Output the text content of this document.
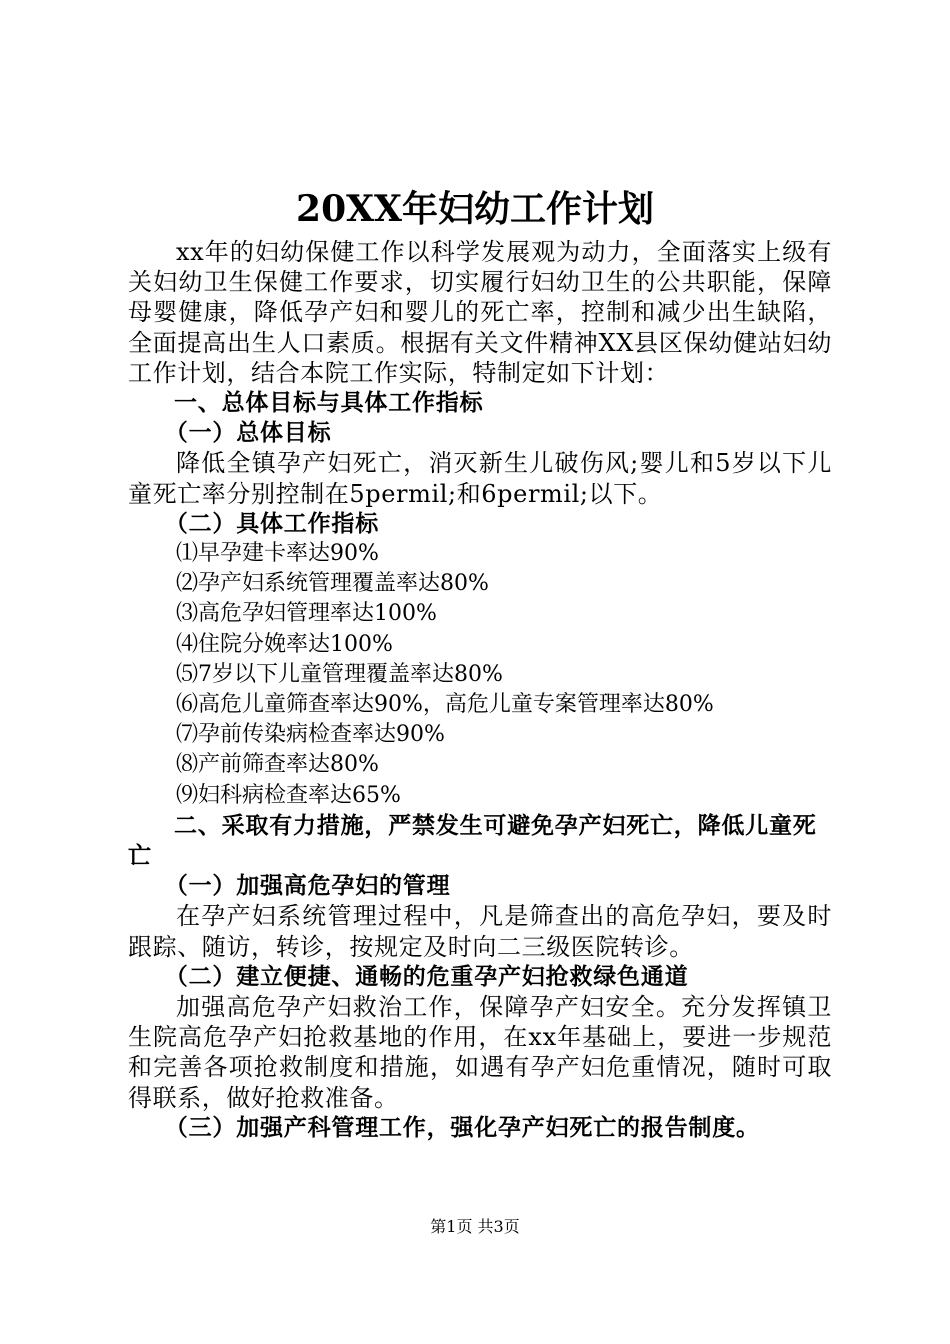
20XX年妇幼工作计划

xx年的妇幼保健工作以科学发展观为动力，全面落实上级有关妇幼卫生保健工作要求，切实履行妇幼卫生的公共职能，保障母婴健康，降低孕产妇和婴儿的死亡率，控制和减少出生缺陷，全面提高出生人口素质。根据有关文件精神XX县区保幼健站妇幼工作计划，结合本院工作实际，特制定如下计划：

一、总体目标与具体工作指标

（一）总体目标

降低全镇孕产妇死亡，消灭新生儿破伤风;婴儿和5岁以下儿童死亡率分别控制在5permil;和6permil;以下。

（二）具体工作指标

⑴早孕建卡率达90%

⑵孕产妇系统管理覆盖率达80%

⑶高危孕妇管理率达100%

⑷住院分娩率达100%

⑸7岁以下儿童管理覆盖率达80%

⑹高危儿童筛查率达90%，高危儿童专案管理率达80%

⑺孕前传染病检查率达90%

⑻产前筛查率达80%

⑼妇科病检查率达65%

二、采取有力措施，严禁发生可避免孕产妇死亡，降低儿童死亡

（一）加强高危孕妇的管理

在孕产妇系统管理过程中，凡是筛查出的高危孕妇，要及时跟踪、随访，转诊，按规定及时向二三级医院转诊。

（二）建立便捷、通畅的危重孕产妇抢救绿色通道

加强高危孕产妇救治工作，保障孕产妇安全。充分发挥镇卫生院高危孕产妇抢救基地的作用，在xx年基础上，要进一步规范和完善各项抢救制度和措施，如遇有孕产妇危重情况，随时可取得联系，做好抢救准备。

（三）加强产科管理工作，强化孕产妇死亡的报告制度。

第1页 共3页
